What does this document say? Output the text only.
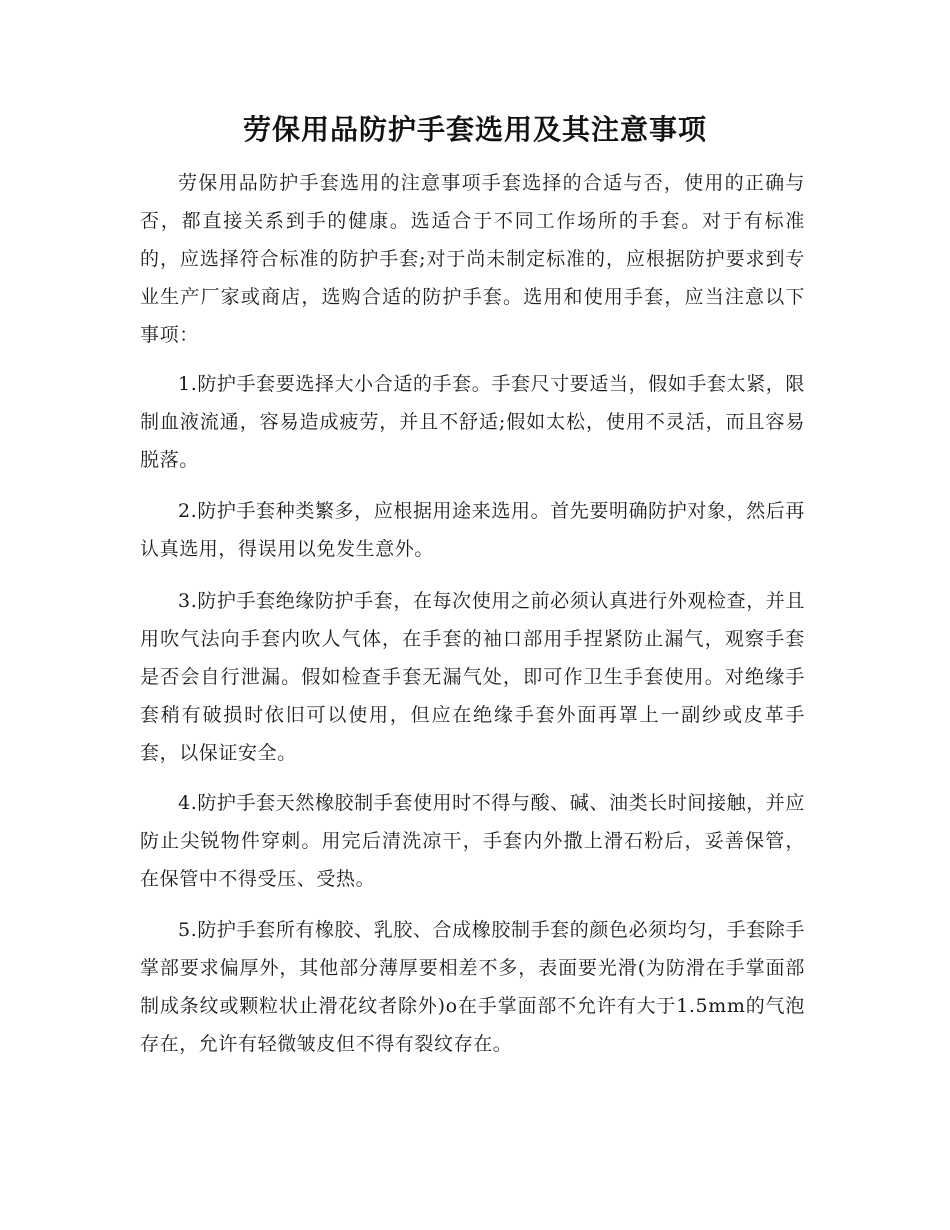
劳保用品防护手套选用及其注意事项

劳保用品防护手套选用的注意事项手套选择的合适与否，使用的正确与否，都直接关系到手的健康。选适合于不同工作场所的手套。对于有标准的，应选择符合标准的防护手套;对于尚未制定标准的，应根据防护要求到专业生产厂家或商店，选购合适的防护手套。选用和使用手套，应当注意以下事项：

1.防护手套要选择大小合适的手套。手套尺寸要适当，假如手套太紧，限制血液流通，容易造成疲劳，并且不舒适;假如太松，使用不灵活，而且容易脱落。

2.防护手套种类繁多，应根据用途来选用。首先要明确防护对象，然后再认真选用，得误用以免发生意外。

3.防护手套绝缘防护手套，在每次使用之前必须认真进行外观检查，并且用吹气法向手套内吹人气体，在手套的袖口部用手捏紧防止漏气，观察手套是否会自行泄漏。假如检查手套无漏气处，即可作卫生手套使用。对绝缘手套稍有破损时依旧可以使用，但应在绝缘手套外面再罩上一副纱或皮革手套，以保证安全。

4.防护手套天然橡胶制手套使用时不得与酸、碱、油类长时间接触，并应防止尖锐物件穿刺。用完后清洗凉干，手套内外撒上滑石粉后，妥善保管，在保管中不得受压、受热。

5.防护手套所有橡胶、乳胶、合成橡胶制手套的颜色必须均匀，手套除手掌部要求偏厚外，其他部分薄厚要相差不多，表面要光滑(为防滑在手掌面部制成条纹或颗粒状止滑花纹者除外)o在手掌面部不允许有大于1.5mm的气泡存在，允许有轻微皱皮但不得有裂纹存在。
